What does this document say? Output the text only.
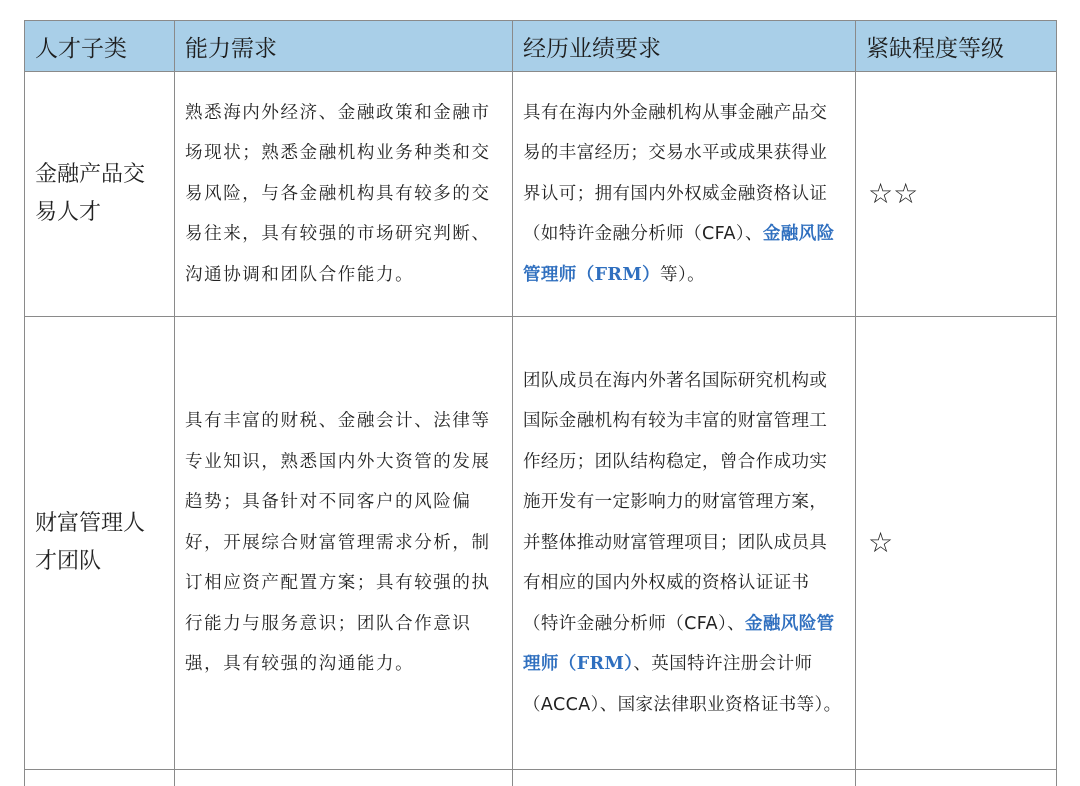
人才子类	能力需求	经历业绩要求	紧缺程度等级
金融产品交易人才	熟悉海内外经济、金融政策和金融市场现状；熟悉金融机构业务种类和交易风险，与各金融机构具有较多的交易往来，具有较强的市场研究判断、沟通协调和团队合作能力。	具有在海内外金融机构从事金融产品交易的丰富经历；交易水平或成果获得业界认可；拥有国内外权威金融资格认证（如特许金融分析师（CFA）、金融风险管理师（FRM）等）。	☆☆
财富管理人才团队	具有丰富的财税、金融会计、法律等专业知识，熟悉国内外大资管的发展趋势；具备针对不同客户的风险偏好，开展综合财富管理需求分析，制订相应资产配置方案；具有较强的执行能力与服务意识；团队合作意识强，具有较强的沟通能力。	团队成员在海内外著名国际研究机构或国际金融机构有较为丰富的财富管理工作经历；团队结构稳定，曾合作成功实施开发有一定影响力的财富管理方案，并整体推动财富管理项目；团队成员具有相应的国内外权威的资格认证证书（特许金融分析师（CFA）、金融风险管理师（FRM）、英国特许注册会计师（ACCA）、国家法律职业资格证书等）。	☆
